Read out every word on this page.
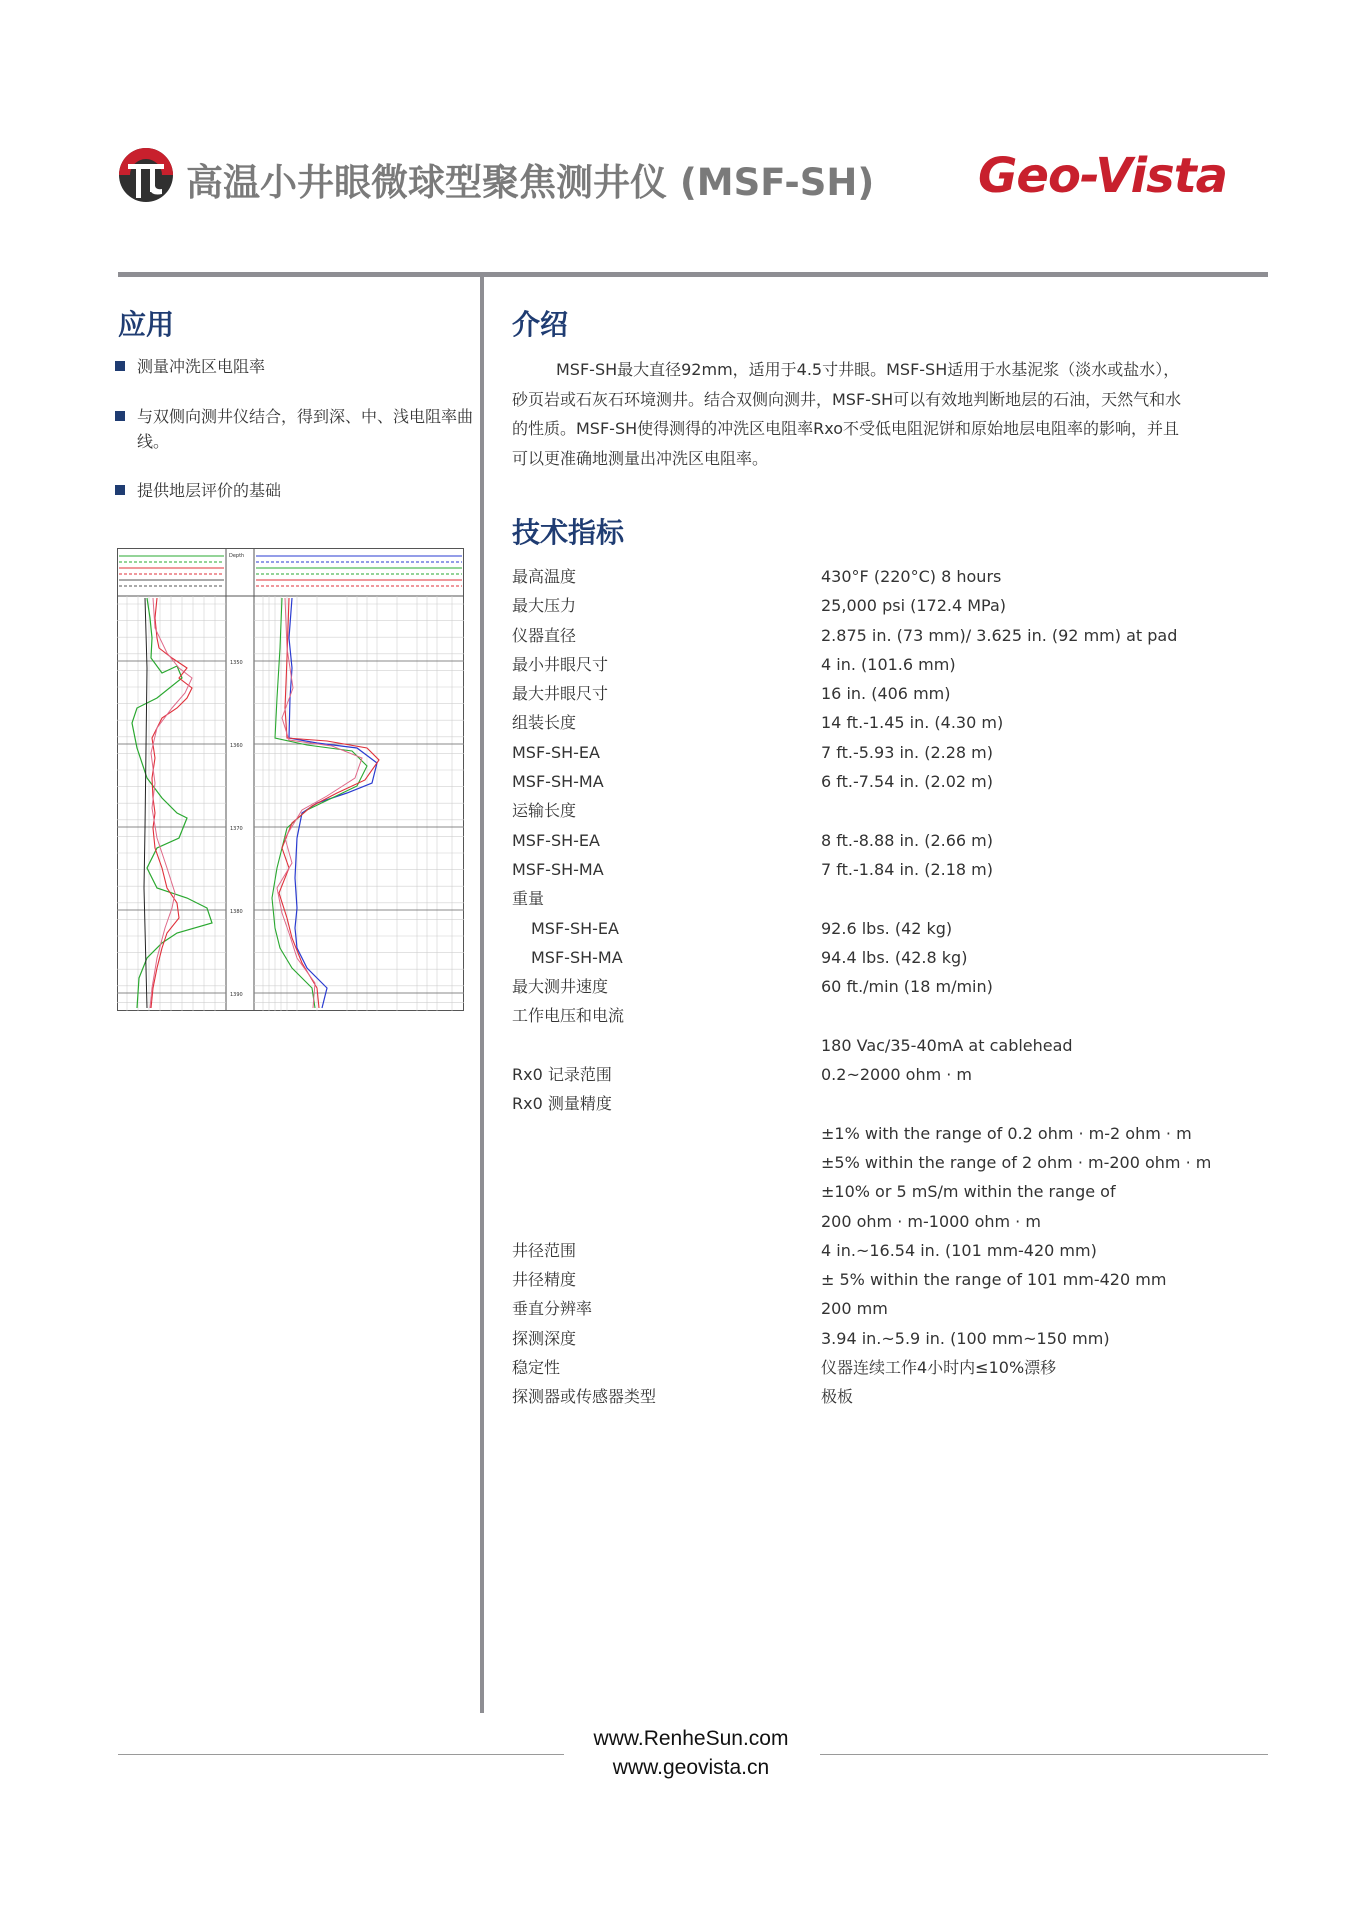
高温小井眼微球型聚焦测井仪 (MSF-SH) Geo-Vista
应用
测量冲洗区电阻率
与双侧向测井仪结合，得到深、中、浅电阻率曲线。
提供地层评价的基础
Depth
1350
1360
1370
1380
1390
介绍
MSF-SH最大直径92mm，适用于4.5寸井眼。MSF-SH适用于水基泥浆（淡水或盐水），砂页岩或石灰石环境测井。结合双侧向测井，MSF-SH可以有效地判断地层的石油，天然气和水的性质。MSF-SH使得测得的冲洗区电阻率Rxo不受低电阻泥饼和原始地层电阻率的影响，并且可以更准确地测量出冲洗区电阻率。
技术指标
最高温度	430°F (220°C) 8 hours
最大压力	25,000 psi (172.4 MPa)
仪器直径	2.875 in. (73 mm)/ 3.625 in. (92 mm) at pad
最小井眼尺寸	4 in. (101.6 mm)
最大井眼尺寸	16 in. (406 mm)
组装长度	14 ft.-1.45 in. (4.30 m)
MSF-SH-EA	7 ft.-5.93 in. (2.28 m)
MSF-SH-MA	6 ft.-7.54 in. (2.02 m)
运输长度
MSF-SH-EA	8 ft.-8.88 in. (2.66 m)
MSF-SH-MA	7 ft.-1.84 in. (2.18 m)
重量
MSF-SH-EA	92.6 lbs. (42 kg)
MSF-SH-MA	94.4 lbs. (42.8 kg)
最大测井速度	60 ft./min (18 m/min)
工作电压和电流
180 Vac/35-40mA at cablehead
Rx0 记录范围	0.2~2000 ohm · m
Rx0 测量精度
±1% with the range of 0.2 ohm · m-2 ohm · m
±5% within the range of 2 ohm · m-200 ohm · m
±10% or 5 mS/m within the range of
200 ohm · m-1000 ohm · m
井径范围	4 in.~16.54 in. (101 mm-420 mm)
井径精度	± 5% within the range of 101 mm-420 mm
垂直分辨率	200 mm
探测深度	3.94 in.~5.9 in. (100 mm~150 mm)
稳定性	仪器连续工作4小时内≤10%漂移
探测器或传感器类型	极板
www.RenheSun.com
www.geovista.cn
